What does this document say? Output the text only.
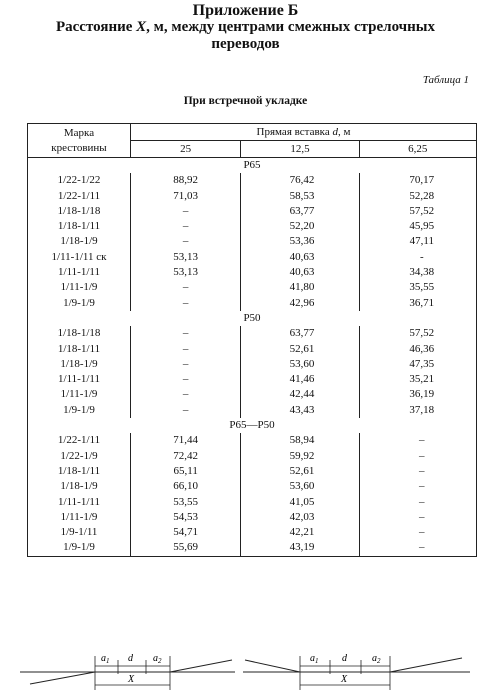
Приложение Б
Расстояние X, м, между центрами смежных стрелочных
переводов
Таблица 1
При встречной укладке
Марка
крестовины	Прямая вставка d, м		
	25	12,5	6,25
Р65			
1/22-1/22	88,92	76,42	70,17
1/22-1/11	71,03	58,53	52,28
1/18-1/18	–	63,77	57,52
1/18-1/11	–	52,20	45,95
1/18-1/9	–	53,36	47,11
1/11-1/11 ск	53,13	40,63	-
1/11-1/11	53,13	40,63	34,38
1/11-1/9	–	41,80	35,55
1/9-1/9	–	42,96	36,71
Р50			
1/18-1/18	–	63,77	57,52
1/18-1/11	–	52,61	46,36
1/18-1/9	–	53,60	47,35
1/11-1/11	–	41,46	35,21
1/11-1/9	–	42,44	36,19
1/9-1/9	–	43,43	37,18
Р65—Р50			
1/22-1/11	71,44	58,94	–
1/22-1/9	72,42	59,92	–
1/18-1/11	65,11	52,61	–
1/18-1/9	66,10	53,60	–
1/11-1/11	53,55	41,05	–
1/11-1/9	54,53	42,03	–
1/9-1/11	54,71	42,21	–
1/9-1/9	55,69	43,19	–
$a_1$ d $a_2$
X
$a_1$ d	$a_2$
X
